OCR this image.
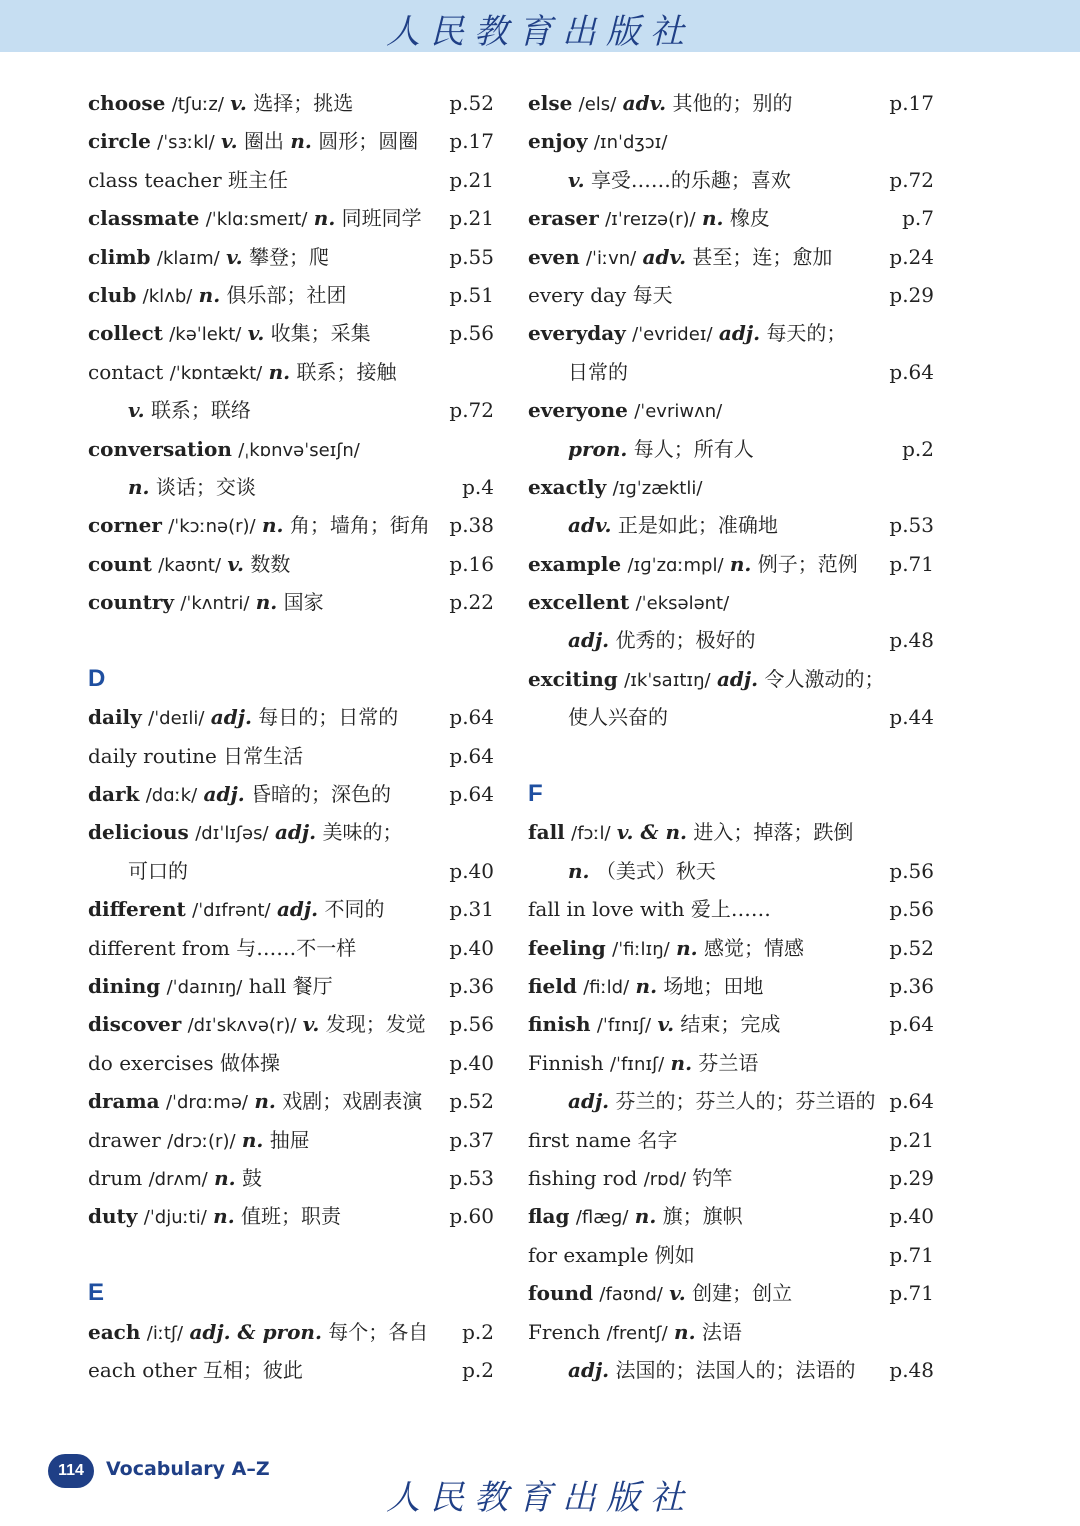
人民教育出版社
choose /tʃuːz/ v. 选择；挑选	p.52
circle /ˈsɜːkl/ v. 圈出 n. 圆形；圆圈 p.17
class teacher 班主任	p.21
classmate /ˈklɑːsmeɪt/ n. 同班同学 p.21
climb /klaɪm/ v. 攀登；爬	p.55
club /klʌb/ n. 俱乐部；社团	p.51
collect /kəˈlekt/ v. 收集；采集	p.56
contact /ˈkɒntækt/ n. 联系；接触
v. 联系；联络	p.72
conversation /ˌkɒnvəˈseɪʃn/
n. 谈话；交谈	p.4
corner /ˈkɔːnə(r)/ n. 角；墙角；街角 p.38
count /kaʊnt/ v. 数数	p.16
country /ˈkʌntri/ n. 国家	p.22
D
daily /ˈdeɪli/ adj. 每日的；日常的	p.64
daily routine 日常生活	p.64
dark /dɑːk/ adj. 昏暗的；深色的	p.64
delicious /dɪˈlɪʃəs/ adj. 美味的；
可口的	p.40
different /ˈdɪfrənt/ adj. 不同的	p.31
different from 与……不一样	p.40
dining /ˈdaɪnɪŋ/ hall 餐厅	p.36
discover /dɪˈskʌvə(r)/ v. 发现；发觉 p.56
do exercises 做体操	p.40
drama /ˈdrɑːmə/ n. 戏剧；戏剧表演 p.52
drawer /drɔː(r)/ n. 抽屉	p.37
drum /drʌm/ n. 鼓	p.53
duty /ˈdjuːti/ n. 值班；职责	p.60
E
each /iːtʃ/ adj. & pron. 每个；各自 p.2
each other 互相；彼此	p.2
else /els/ adv. 其他的；别的	p.17
enjoy /ɪnˈdʒɔɪ/
v. 享受……的乐趣；喜欢	p.72
eraser /ɪˈreɪzə(r)/ n. 橡皮	p.7
even /ˈiːvn/ adv. 甚至；连；愈加	p.24
every day 每天	p.29
everyday /ˈevrideɪ/ adj. 每天的；
日常的	p.64
everyone /ˈevriwʌn/
pron. 每人；所有人	p.2
exactly /ɪɡˈzæktli/
adv. 正是如此；准确地	p.53
example /ɪɡˈzɑːmpl/ n. 例子；范例 p.71
excellent /ˈeksələnt/
adj. 优秀的；极好的	p.48
exciting /ɪkˈsaɪtɪŋ/ adj. 令人激动的；
使人兴奋的	p.44
F
fall /fɔːl/ v. & n. 进入；掉落；跌倒
n. （美式）秋天	p.56
fall in love with 爱上……	p.56
feeling /ˈfiːlɪŋ/ n. 感觉；情感	p.52
field /fiːld/ n. 场地；田地	p.36
finish /ˈfɪnɪʃ/ v. 结束；完成	p.64
Finnish /ˈfɪnɪʃ/ n. 芬兰语
adj. 芬兰的；芬兰人的；芬兰语的 p.64
first name 名字	p.21
fishing rod /rɒd/ 钓竿	p.29
flag /flæɡ/ n. 旗；旗帜	p.40
for example 例如	p.71
found /faʊnd/ v. 创建；创立	p.71
French /frentʃ/ n. 法语
adj. 法国的；法国人的；法语的 p.48
114	Vocabulary A–Z
人民教育出版社
